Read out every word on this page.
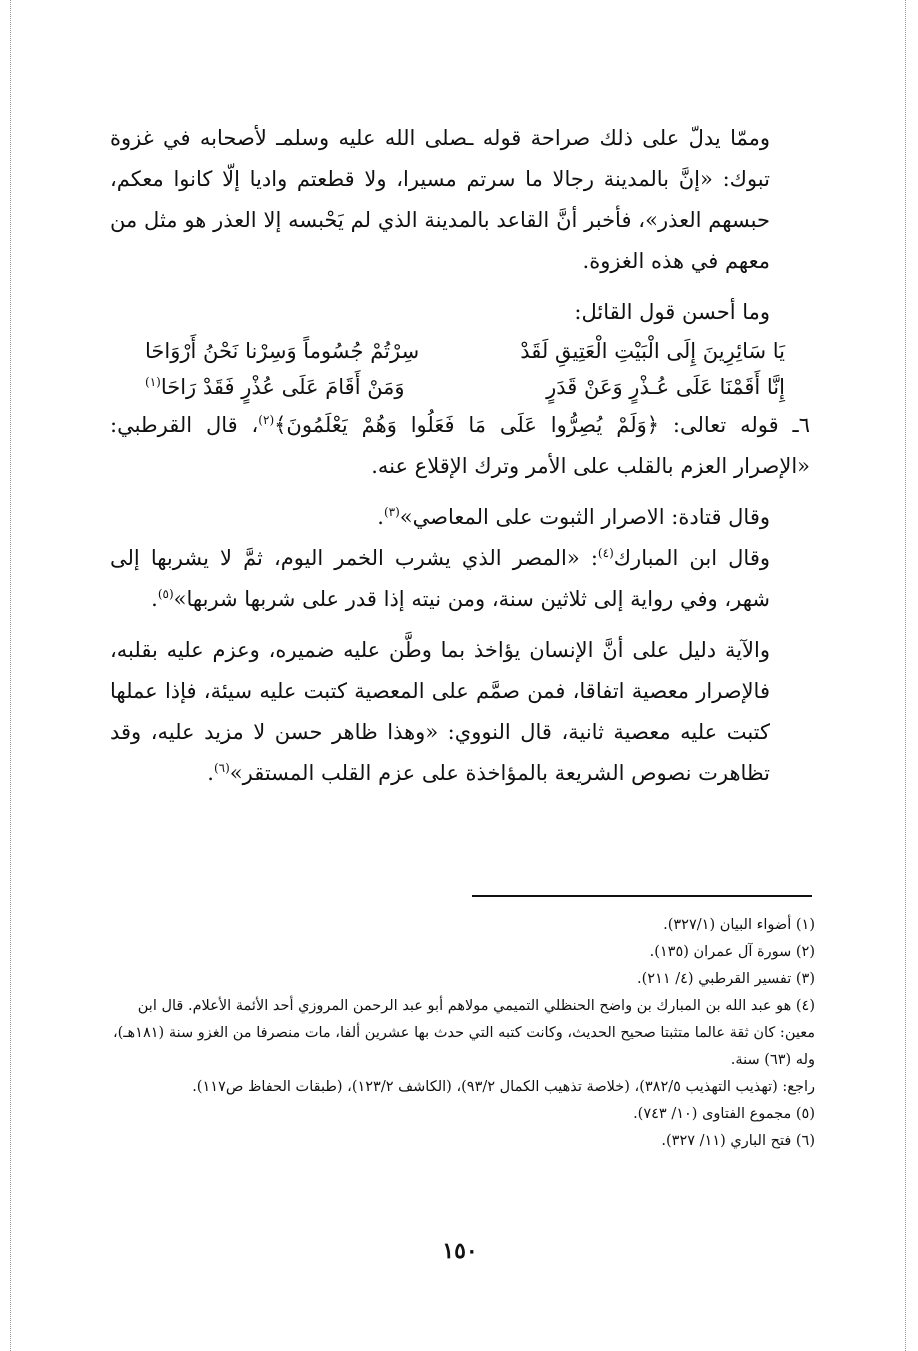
وممّا يدلّ على ذلك صراحة قوله ـصلى الله عليه وسلمـ لأصحابه في غزوة تبوك: «إنَّ بالمدينة رجالا ما سرتم مسيرا، ولا قطعتم واديا إلّا كانوا معكم، حبسهم العذر»، فأخبر أنَّ القاعد بالمدينة الذي لم يَحْبسه إلا العذر هو مثل من معهم في هذه الغزوة.

وما أحسن قول القائل:

يَا سَائِرِينَ إِلَى الْبَيْتِ الْعَتِيقِ لَقَدْ
سِرْتُمْ جُسُوماً وَسِرْنا نَحْنُ أَرْوَاحَا
إِنَّا أَقَمْنَا عَلَى عُـذْرٍ وَعَنْ قَدَرٍ
وَمَنْ أَقَامَ عَلَى عُذْرٍ فَقَدْ رَاحَا$^{(١)}$

٦ـ قوله تعالى: ﴿وَلَمْ يُصِرُّوا عَلَى مَا فَعَلُوا وَهُمْ يَعْلَمُونَ﴾$^{(٢)}$، قال القرطبي: «الإصرار العزم بالقلب على الأمر وترك الإقلاع عنه.

وقال قتادة: الاصرار الثبوت على المعاصي»$^{(٣)}$.

وقال ابن المبارك$^{(٤)}$: «المصر الذي يشرب الخمر اليوم، ثمَّ لا يشربها إلى شهر، وفي رواية إلى ثلاثين سنة، ومن نيته إذا قدر على شربها شربها»$^{(٥)}$.

والآية دليل على أنَّ الإنسان يؤاخذ بما وطَّن عليه ضميره، وعزم عليه بقلبه، فالإصرار معصية اتفاقا، فمن صمَّم على المعصية كتبت عليه سيئة، فإذا عملها كتبت عليه معصية ثانية، قال النووي: «وهذا ظاهر حسن لا مزيد عليه، وقد تظاهرت نصوص الشريعة بالمؤاخذة على عزم القلب المستقر»$^{(٦)}$.

(١) أضواء البيان (٣٢٧/١).

(٢) سورة آل عمران (١٣٥).

(٣) تفسير القرطبي (٤/ ٢١١).

(٤) هو عبد الله بن المبارك بن واضح الحنظلي التميمي مولاهم أبو عبد الرحمن المروزي أحد الأئمة الأعلام. قال ابن معين: كان ثقة عالما متثبتا صحيح الحديث، وكانت كتبه التي حدث بها عشرين ألفا، مات منصرفا من الغزو سنة (١٨١هـ)، وله (٦٣) سنة.

راجع: (تهذيب التهذيب ٣٨٢/٥)، (خلاصة تذهيب الكمال ٩٣/٢)، (الكاشف ١٢٣/٢)، (طبقات الحفاظ ص١١٧).

(٥) مجموع الفتاوى (١٠/ ٧٤٣).

(٦) فتح الباري (١١/ ٣٢٧).

١٥٠
